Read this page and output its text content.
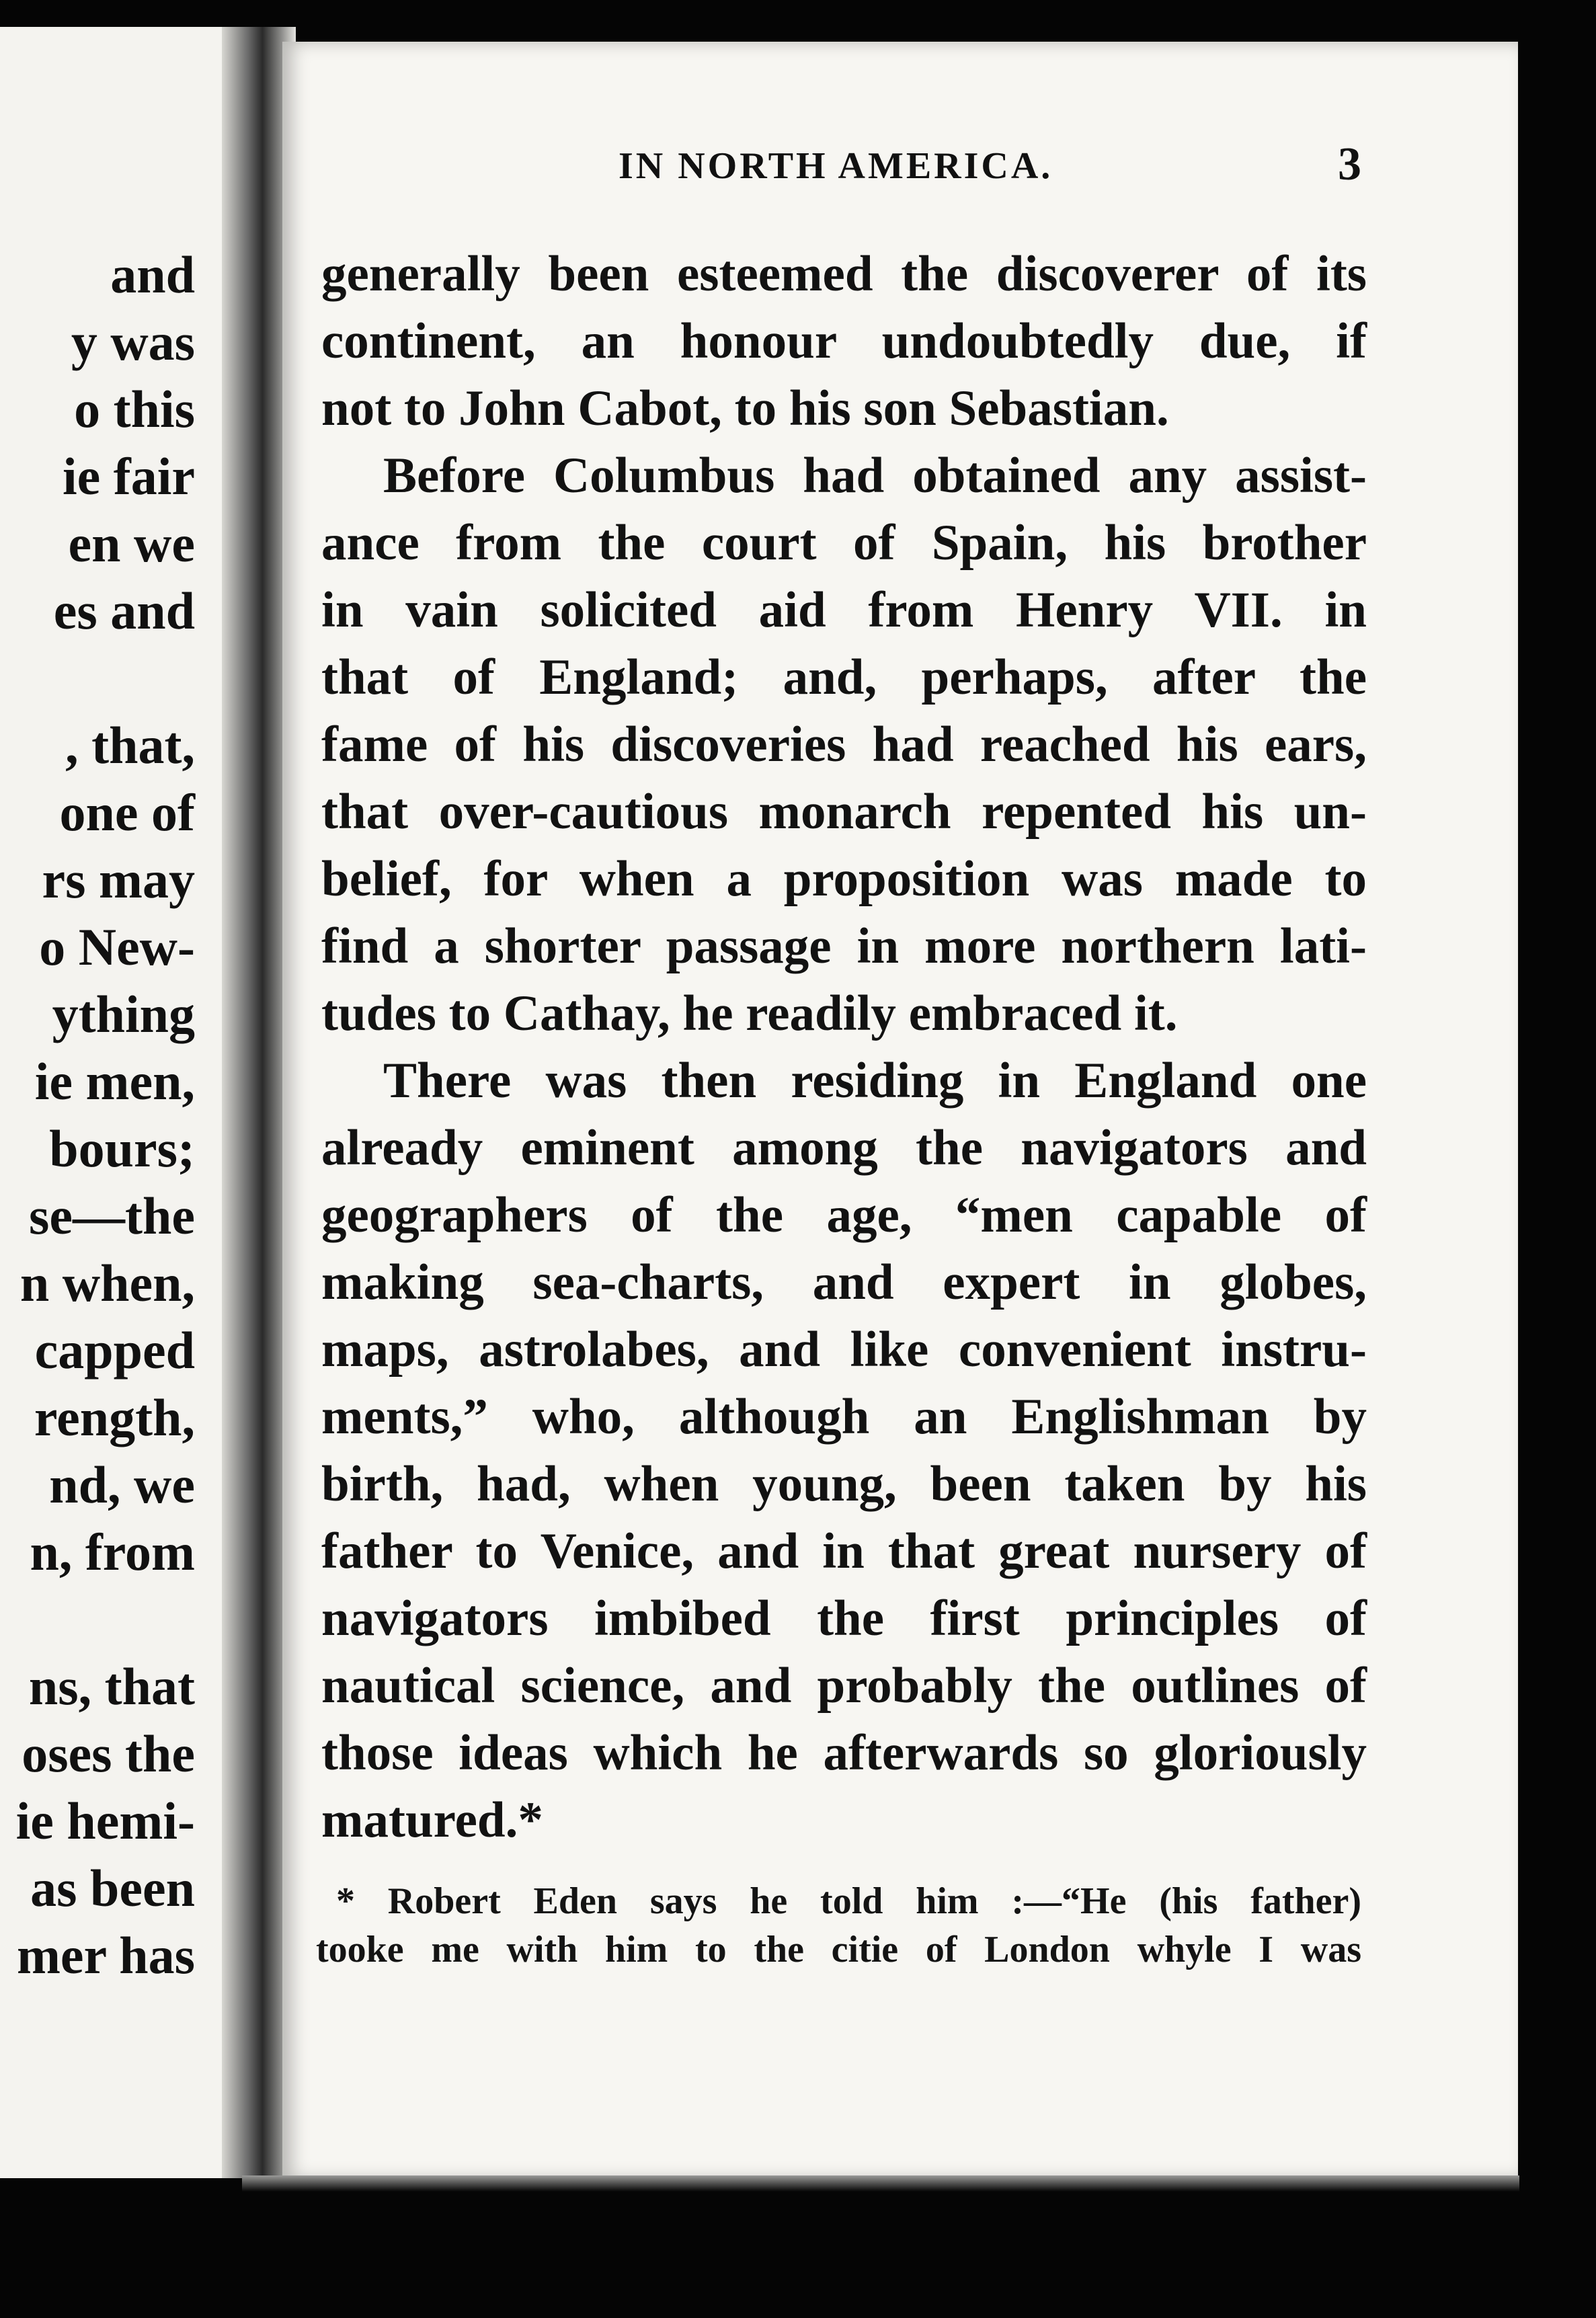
and
y was
o this
ie fair
en we
es and
, that,
one of
rs may
o New-
ything
ie men,
bours;
se—the
n when,
capped
rength,
nd, we
n, from
ns, that
oses the
ie hemi-
as been
mer has
IN NORTH AMERICA.	3
generally been esteemed the discoverer of its
continent, an honour undoubtedly due, if
not to John Cabot, to his son Sebastian.
Before Columbus had obtained any assist-
ance from the court of Spain, his brother
in vain solicited aid from Henry VII. in
that of England; and, perhaps, after the
fame of his discoveries had reached his ears,
that over-cautious monarch repented his un-
belief, for when a proposition was made to
find a shorter passage in more northern lati-
tudes to Cathay, he readily embraced it.
There was then residing in England one
already eminent among the navigators and
geographers of the age, “men capable of
making sea-charts, and expert in globes,
maps, astrolabes, and like convenient instru-
ments,” who, although an Englishman by
birth, had, when young, been taken by his
father to Venice, and in that great nursery of
navigators imbibed the first principles of
nautical science, and probably the outlines of
those ideas which he afterwards so gloriously
matured.*
* Robert Eden says he told him :—“He (his father)
tooke me with him to the citie of London whyle I was
